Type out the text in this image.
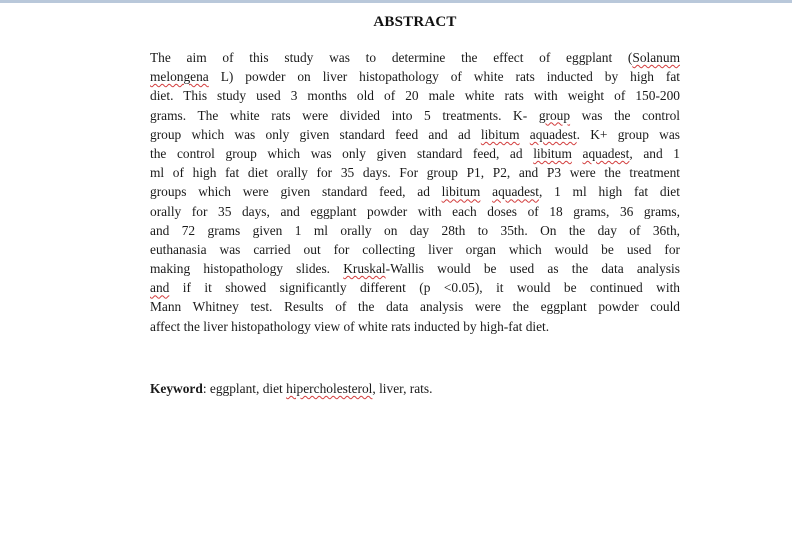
ABSTRACT
The aim of this study was to determine the effect of eggplant (Solanum
melongena L) powder on liver histopathology of white rats inducted by high fat
diet. This study used 3 months old of 20 male white rats with weight of 150-200
grams. The white rats were divided into 5 treatments. K- group was the control
group which was only given standard feed and ad libitum aquadest. K+ group was
the control group which was only given standard feed, ad libitum aquadest, and 1
ml of high fat diet orally for 35 days. For group P1, P2, and P3 were the treatment
groups which were given standard feed, ad libitum aquadest, 1 ml high fat diet
orally for 35 days, and eggplant powder with each doses of 18 grams, 36 grams,
and 72 grams given 1 ml orally on day 28th to 35th. On the day of 36th,
euthanasia was carried out for collecting liver organ which would be used for
making histopathology slides. Kruskal-Wallis would be used as the data analysis
and if it showed significantly different (p <0.05), it would be continued with
Mann Whitney test. Results of the data analysis were the eggplant powder could
affect the liver histopathology view of white rats inducted by high-fat diet.
Keyword: eggplant, diet hipercholesterol, liver, rats.
